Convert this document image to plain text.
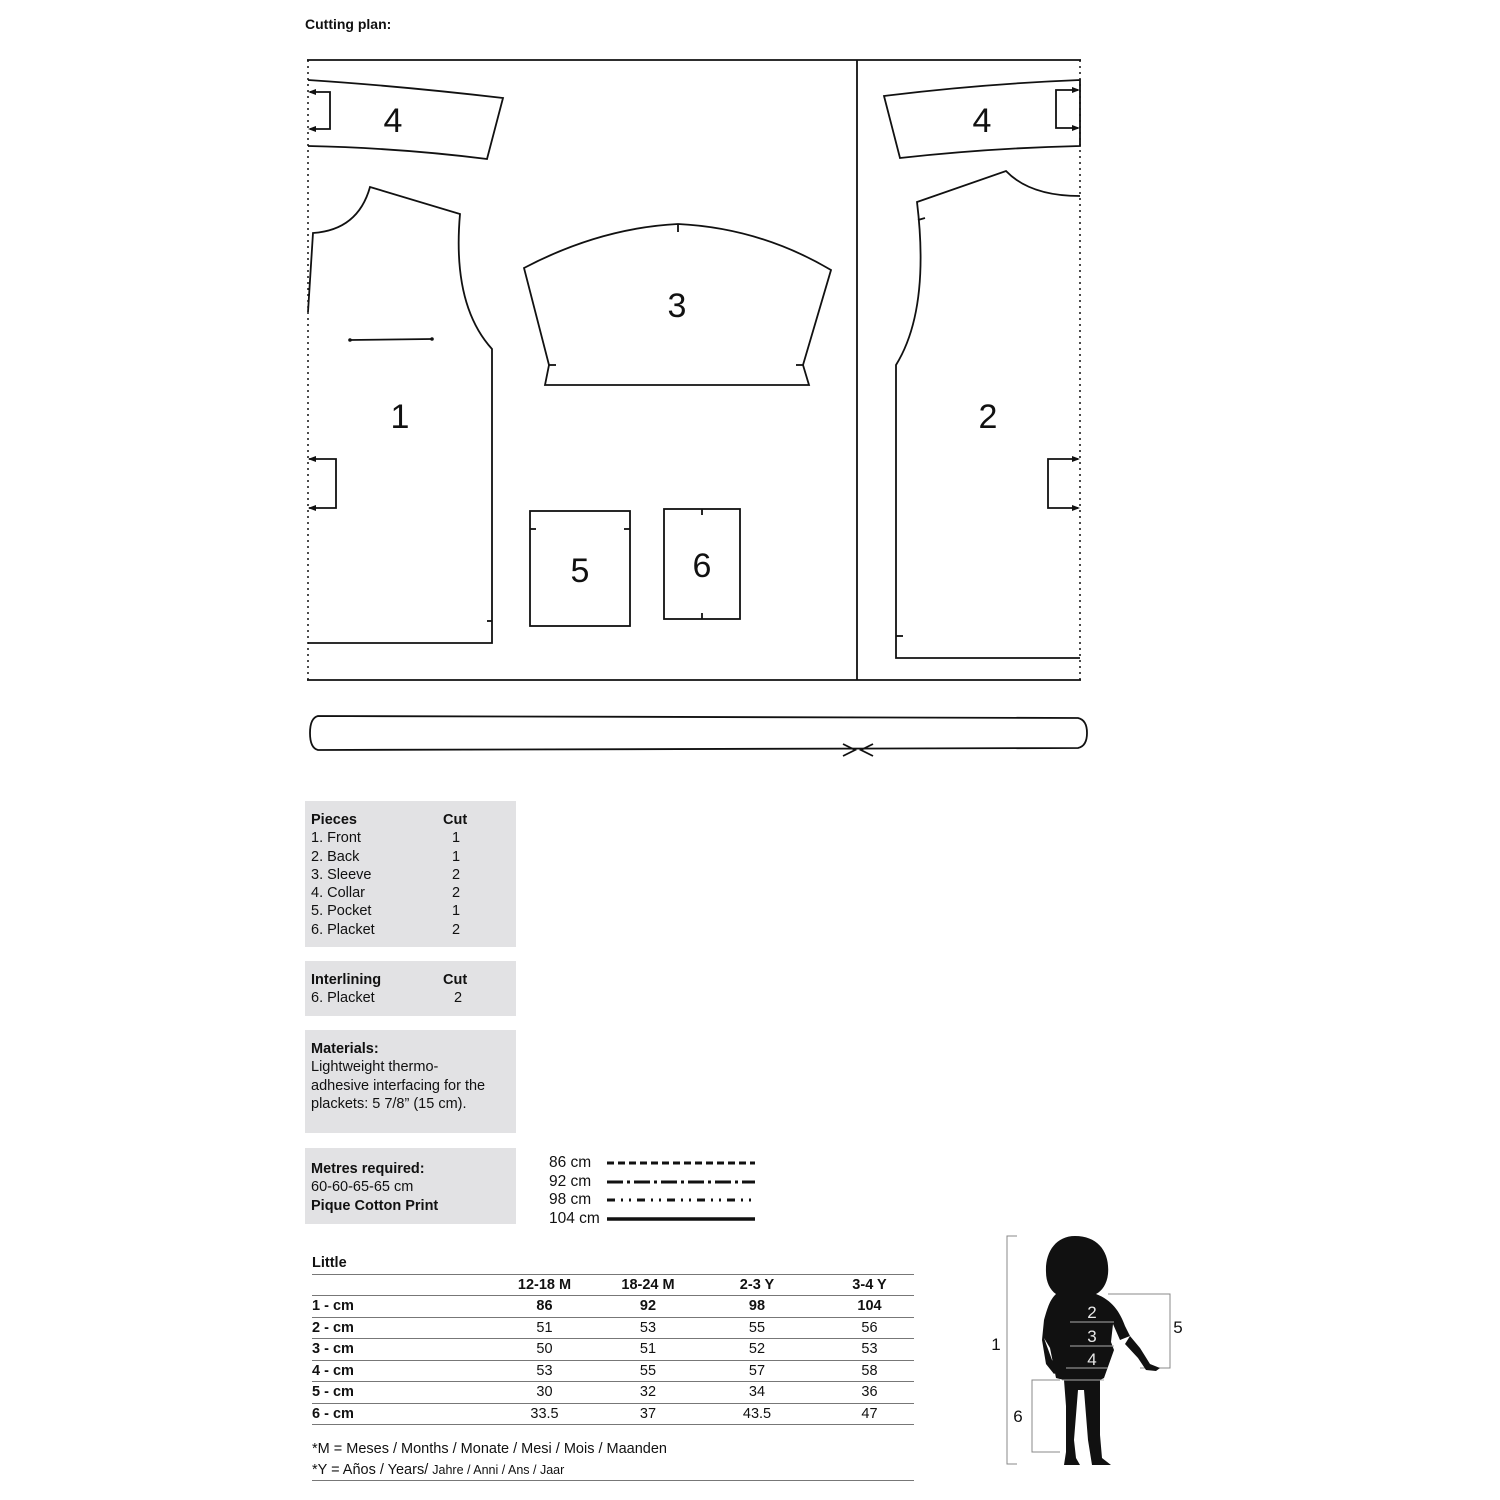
Cutting plan:
1	2
3
4	4
5	6
Pieces	Cut
1. Front	1
2. Back	1
3. Sleeve	2
4. Collar	2
5. Pocket	1
6. Placket	2
Interlining	Cut
6. Placket	2
Materials:
Lightweight thermo-
adhesive interfacing for the
plackets: 5 7/8” (15 cm).
Metres required:
60-60-65-65 cm
Pique Cotton Print
86 cm
92 cm
98 cm
104 cm
Little				
	12-18 M	18-24 M	2-3 Y	3-4 Y
1 - cm	86	92	98	104
2 - cm	51	53	55	56
3 - cm	50	51	52	53
4 - cm	53	55	57	58
5 - cm	30	32	34	36
6 - cm	33.5	37	43.5	47
*M = Meses / Months / Monate / Mesi / Mois / Maanden
*Y = Años / Years/ Jahre / Anni / Ans / Jaar
1
2
3
4
5
6
